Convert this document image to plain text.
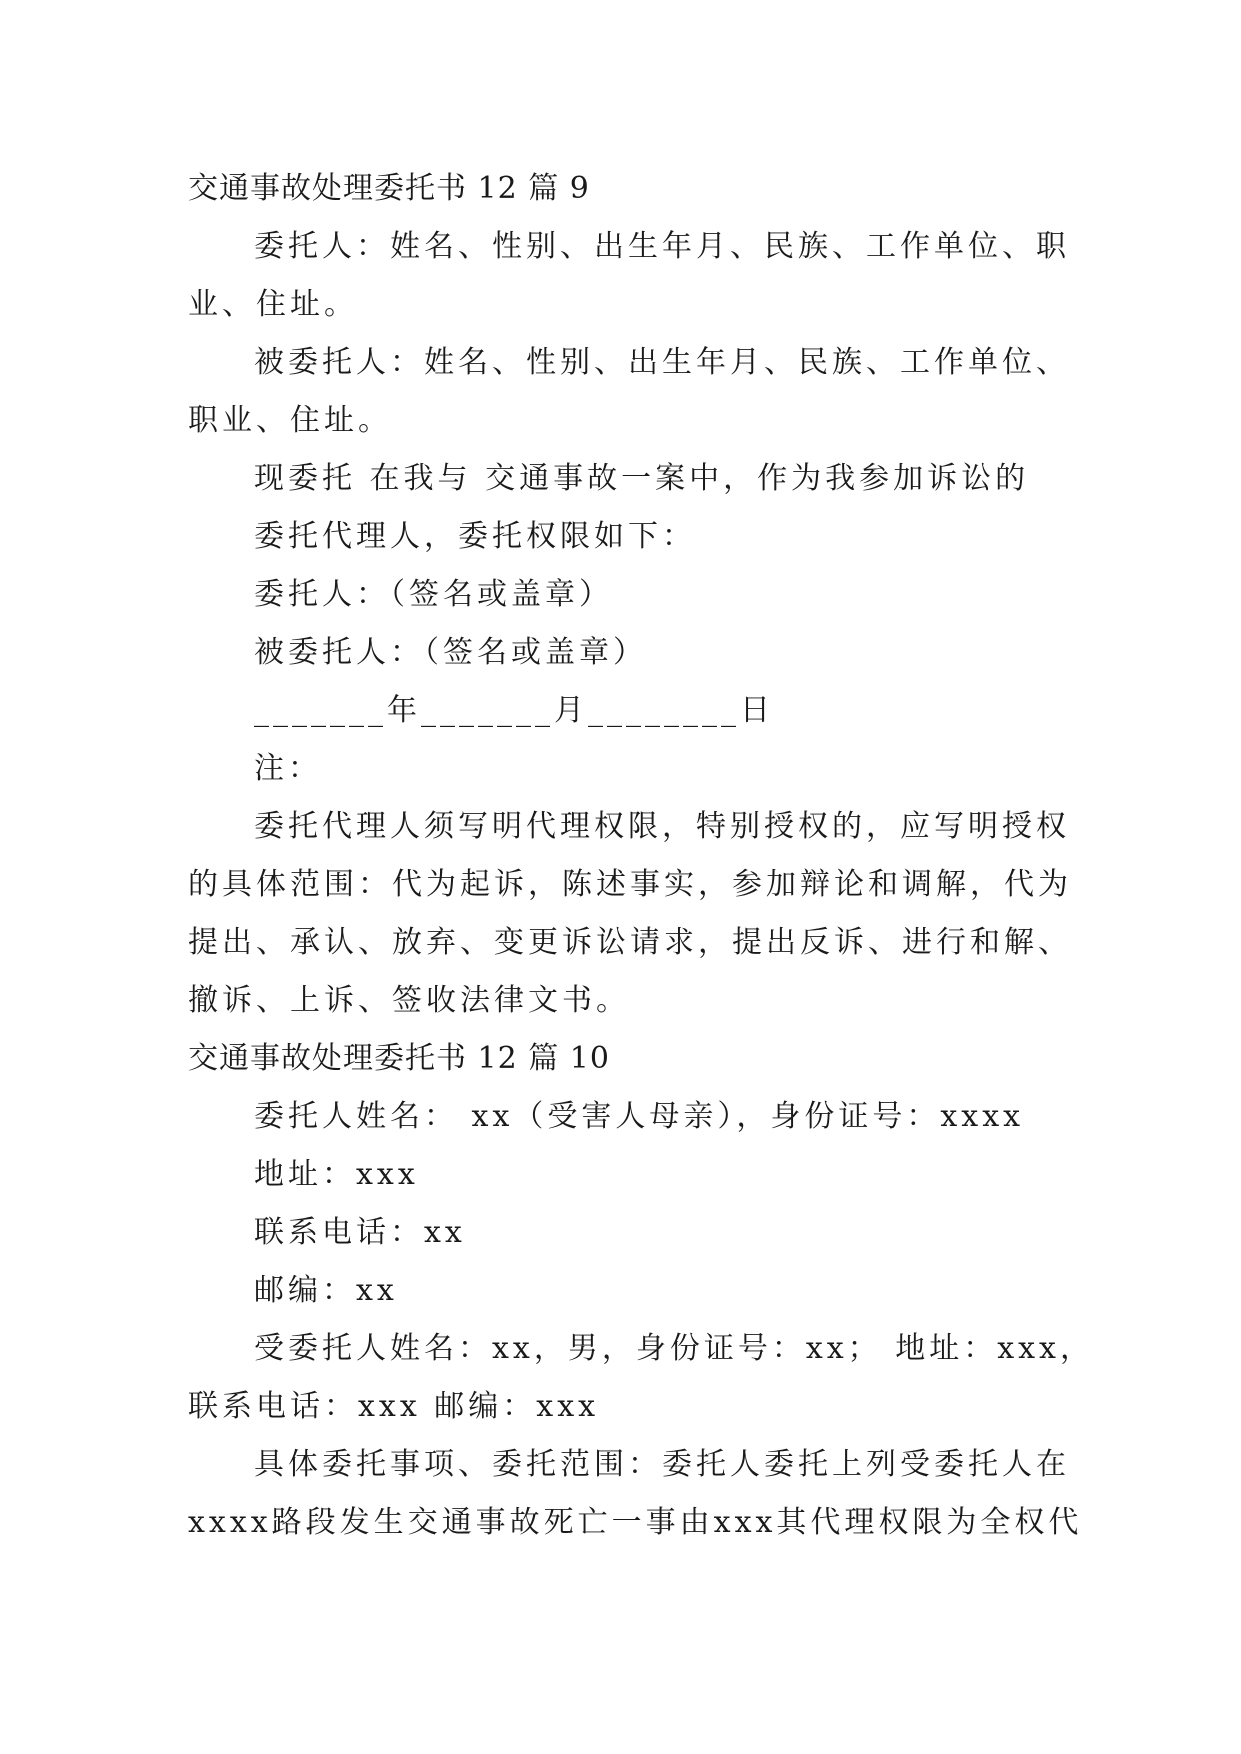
交通事故处理委托书 12 篇 9
委托人：姓名、性别、出生年月、民族、工作单位、职
业、住址。
被委托人：姓名、性别、出生年月、民族、工作单位、
职业、住址。
现委托 在我与 交通事故一案中，作为我参加诉讼的
委托代理人，委托权限如下：
委托人：（签名或盖章）
被委托人：（签名或盖章）
_______年_______月________日
注：
委托代理人须写明代理权限，特别授权的，应写明授权
的具体范围：代为起诉，陈述事实，参加辩论和调解，代为
提出、承认、放弃、变更诉讼请求，提出反诉、进行和解、
撤诉、上诉、签收法律文书。
交通事故处理委托书 12 篇 10
委托人姓名： xx（受害人母亲），身份证号：xxxx
地址：xxx
联系电话：xx
邮编：xx
受委托人姓名：xx，男，身份证号：xx； 地址：xxx，
联系电话：xxx 邮编：xxx
具体委托事项、委托范围：委托人委托上列受委托人在
xxxx路段发生交通事故死亡一事由xxx其代理权限为全权代
